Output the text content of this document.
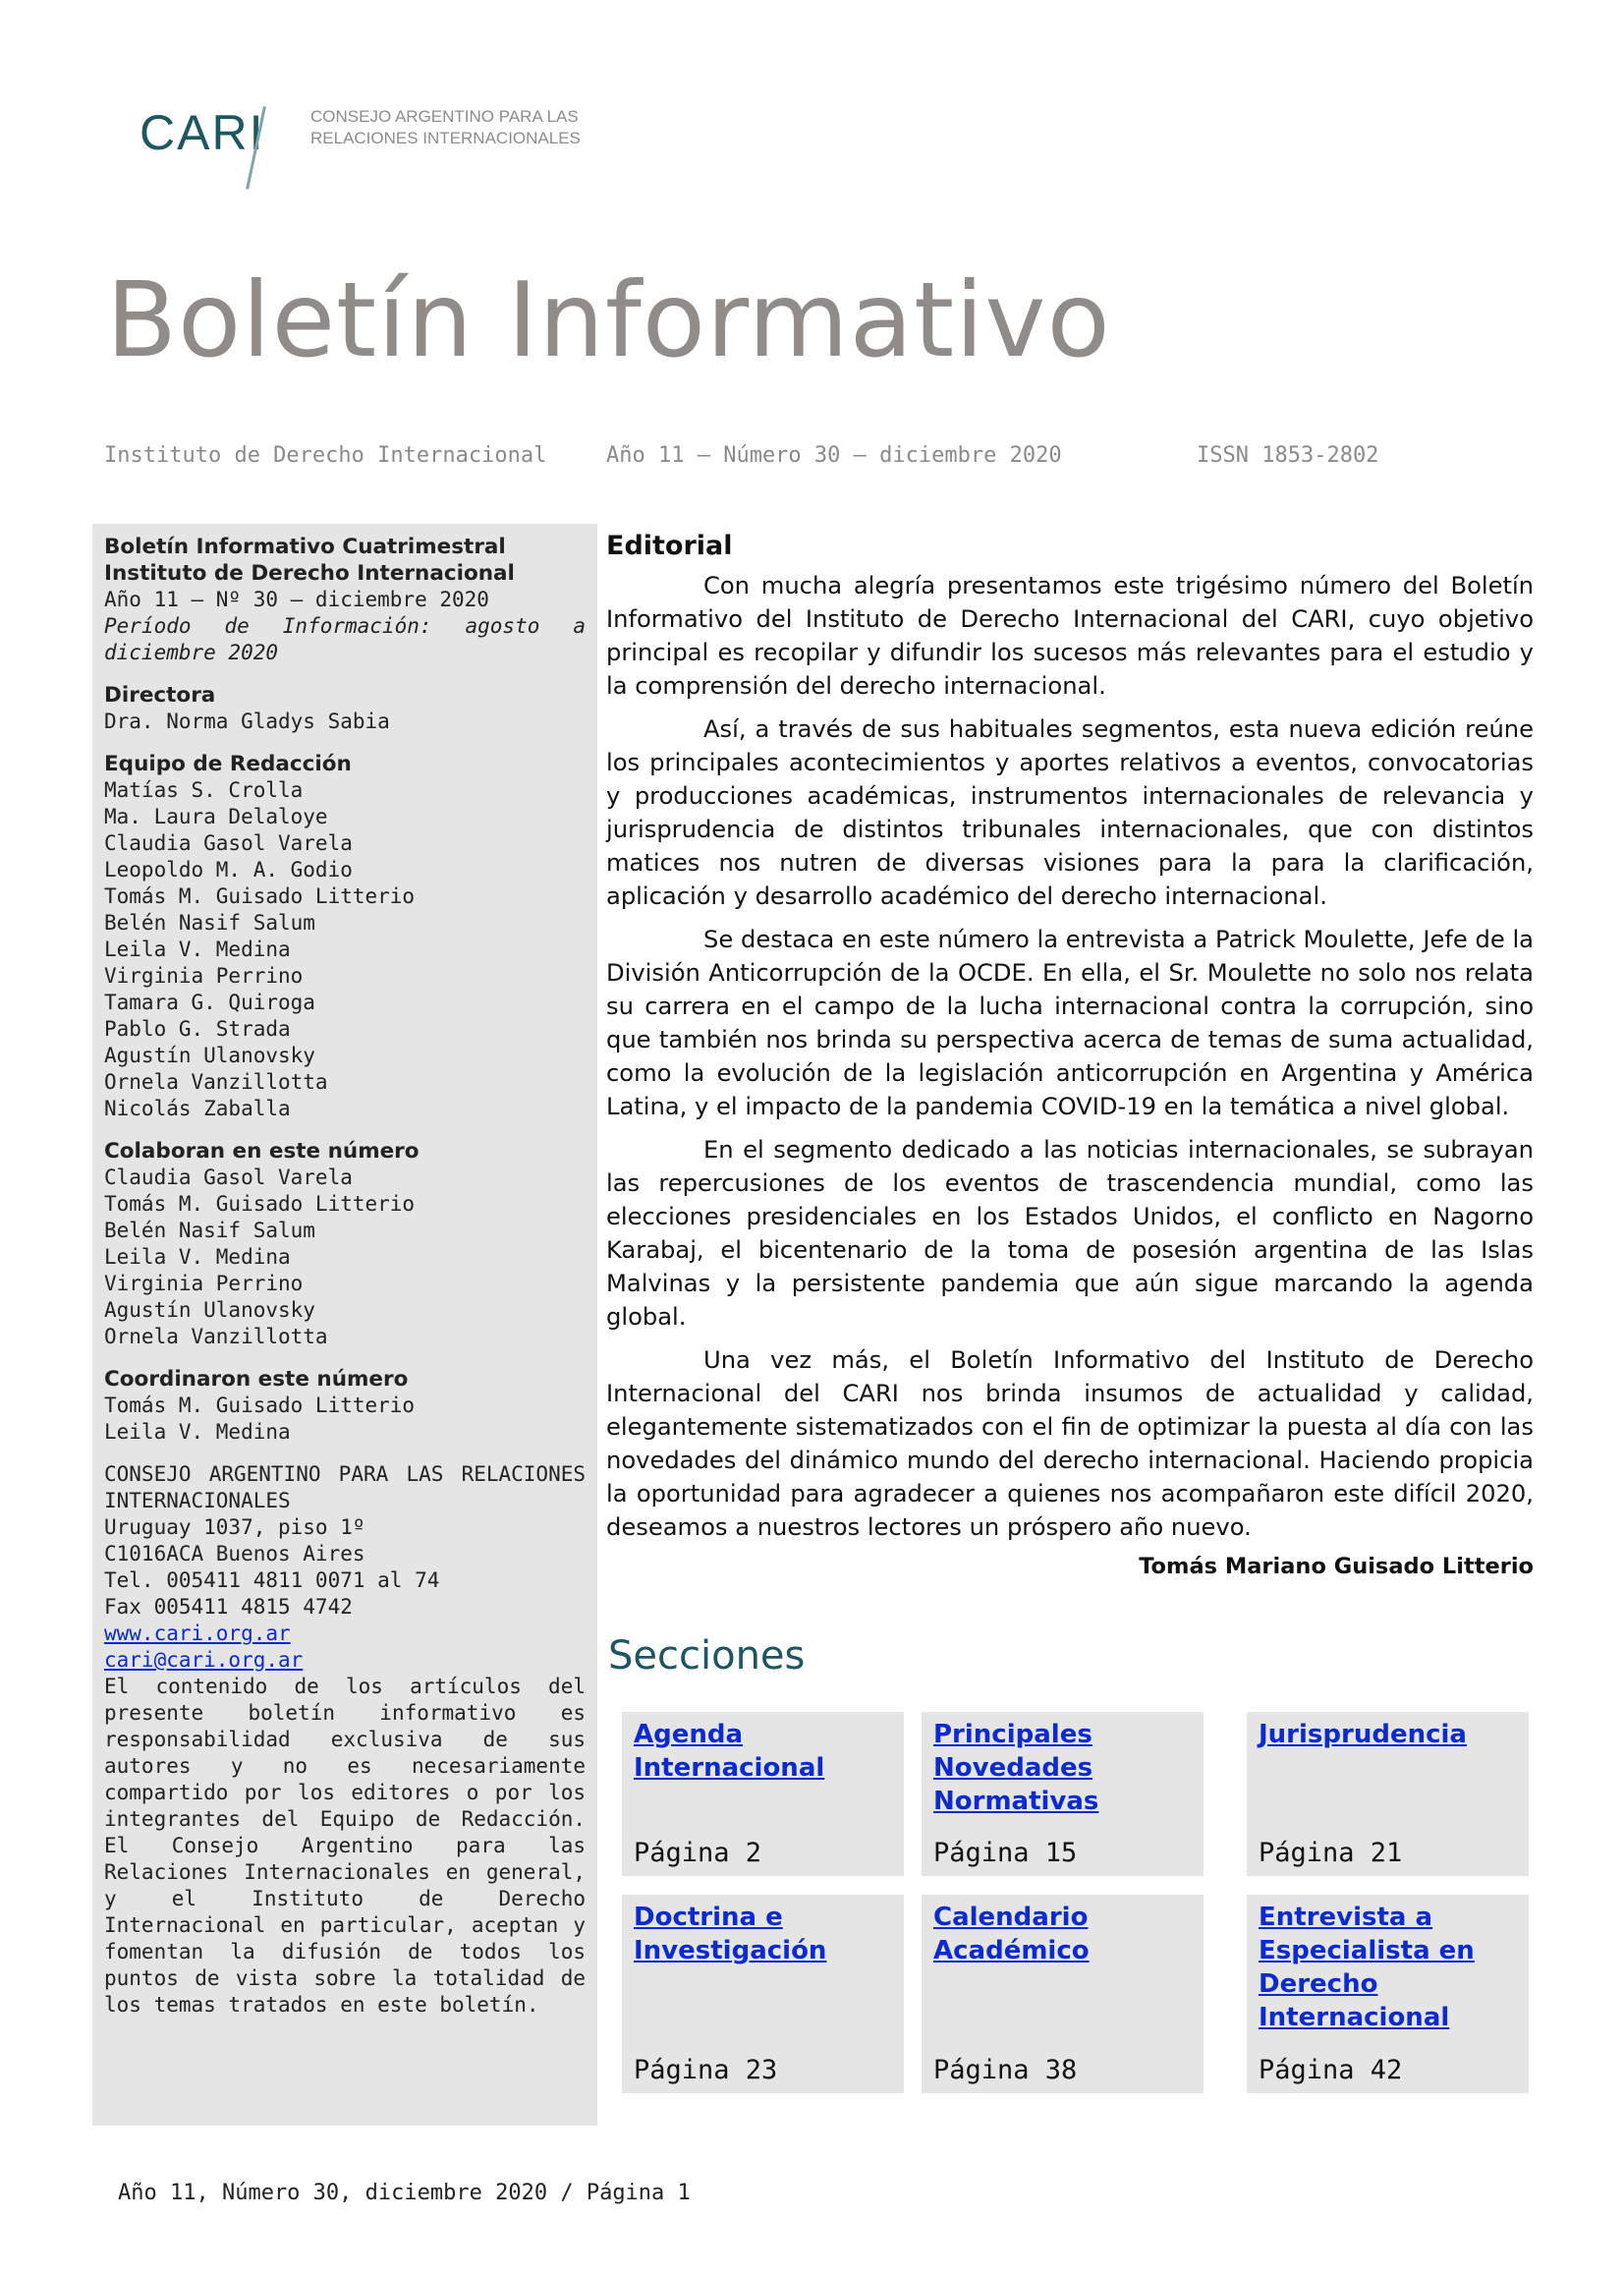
CARI	CONSEJO ARGENTINO PARA LAS
RELACIONES INTERNACIONALES
Boletín Informativo
Instituto de Derecho Internacional	Año 11 – Número 30 – diciembre 2020	ISSN 1853-2802
Boletín Informativo Cuatrimestral
Instituto de Derecho Internacional
Año 11 – Nº 30 – diciembre 2020
Período de Información: agosto a diciembre 2020
Directora
Dra. Norma Gladys Sabia
Equipo de Redacción
Matías S. Crolla
Ma. Laura Delaloye
Claudia Gasol Varela
Leopoldo M. A. Godio
Tomás M. Guisado Litterio
Belén Nasif Salum
Leila V. Medina
Virginia Perrino
Tamara G. Quiroga
Pablo G. Strada
Agustín Ulanovsky
Ornela Vanzillotta
Nicolás Zaballa
Colaboran en este número
Claudia Gasol Varela
Tomás M. Guisado Litterio
Belén Nasif Salum
Leila V. Medina
Virginia Perrino
Agustín Ulanovsky
Ornela Vanzillotta
Coordinaron este número
Tomás M. Guisado Litterio
Leila V. Medina
CONSEJO ARGENTINO PARA LAS RELACIONES INTERNACIONALES
Uruguay 1037, piso 1º
C1016ACA Buenos Aires
Tel. 005411 4811 0071 al 74
Fax 005411 4815 4742
www.cari.org.ar
cari@cari.org.ar
El contenido de los artículos del presente boletín informativo es responsabilidad exclusiva de sus autores y no es necesariamente compartido por los editores o por los integrantes del Equipo de Redacción. El Consejo Argentino para las Relaciones Internacionales en general, y el Instituto de Derecho Internacional en particular, aceptan y fomentan la difusión de todos los puntos de vista sobre la totalidad de los temas tratados en este boletín.
Editorial

Con mucha alegría presentamos este trigésimo número del Boletín Informativo del Instituto de Derecho Internacional del CARI, cuyo objetivo principal es recopilar y difundir los sucesos más relevantes para el estudio y la comprensión del derecho internacional.

Así, a través de sus habituales segmentos, esta nueva edición reúne los principales acontecimientos y aportes relativos a eventos, convocatorias y producciones académicas, instrumentos internacionales de relevancia y jurisprudencia de distintos tribunales internacionales, que con distintos matices nos nutren de diversas visiones para la para la clarificación, aplicación y desarrollo académico del derecho internacional.

Se destaca en este número la entrevista a Patrick Moulette, Jefe de la División Anticorrupción de la OCDE. En ella, el Sr. Moulette no solo nos relata su carrera en el campo de la lucha internacional contra la corrupción, sino que también nos brinda su perspectiva acerca de temas de suma actualidad, como la evolución de la legislación anticorrupción en Argentina y América Latina, y el impacto de la pandemia COVID-19 en la temática a nivel global.

En el segmento dedicado a las noticias internacionales, se subrayan las repercusiones de los eventos de trascendencia mundial, como las elecciones presidenciales en los Estados Unidos, el conflicto en Nagorno Karabaj, el bicentenario de la toma de posesión argentina de las Islas Malvinas y la persistente pandemia que aún sigue marcando la agenda global.

Una vez más, el Boletín Informativo del Instituto de Derecho Internacional del CARI nos brinda insumos de actualidad y calidad, elegantemente sistematizados con el fin de optimizar la puesta al día con las novedades del dinámico mundo del derecho internacional. Haciendo propicia la oportunidad para agradecer a quienes nos acompañaron este difícil 2020, deseamos a nuestros lectores un próspero año nuevo.

Tomás Mariano Guisado Litterio
Secciones
Agenda Internacional
Página 2
Principales Novedades Normativas
Página 15
Jurisprudencia
Página 21
Doctrina e Investigación
Página 23
Calendario Académico
Página 38
Entrevista a Especialista en Derecho Internacional
Página 42
Año 11, Número 30, diciembre 2020 / Página 1
